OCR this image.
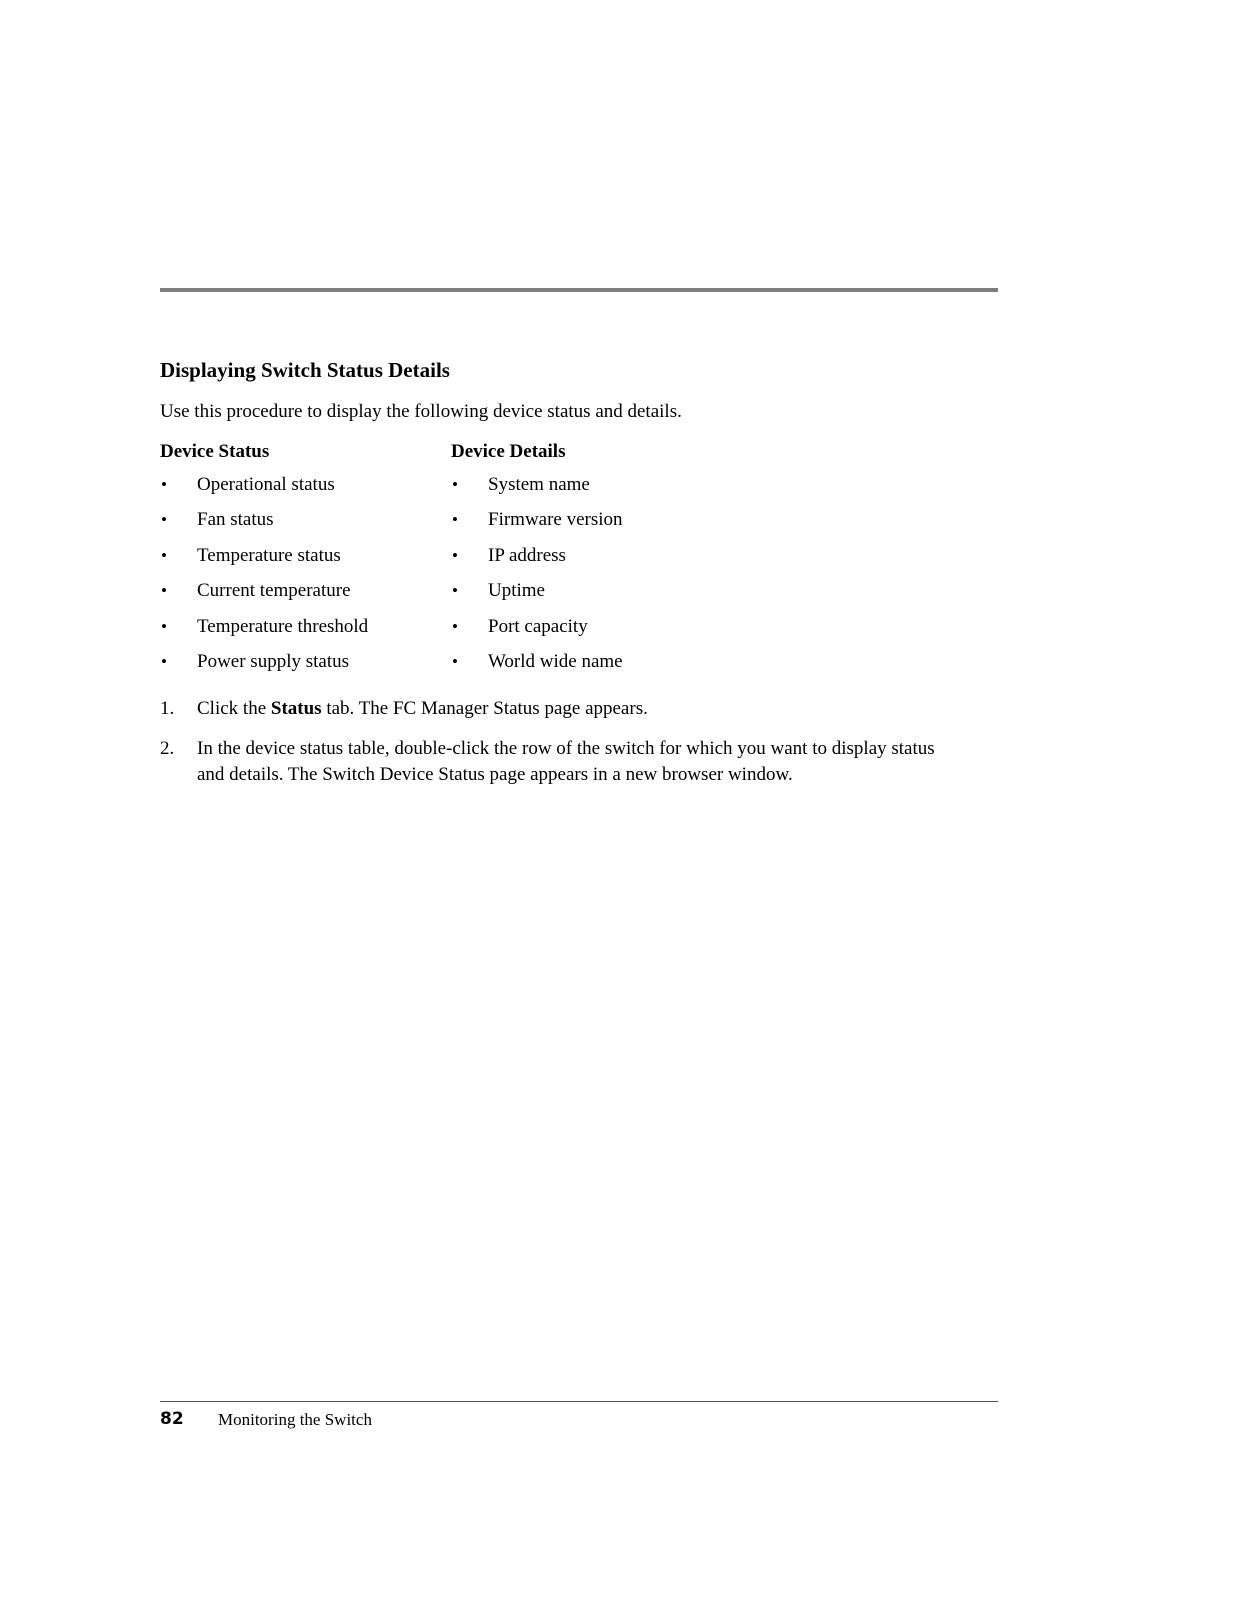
Displaying Switch Status Details

Use this procedure to display the following device status and details.

Device Status	Device Details
• Operational status
• Fan status
• Temperature status
• Current temperature
• Temperature threshold
• Power supply status
• System name
• Firmware version
• IP address
• Uptime
• Port capacity
• World wide name
1. Click the Status tab. The FC Manager Status page appears.
2. In the device status table, double-click the row of the switch for which you want to display status and details. The Switch Device Status page appears in a new browser window.

82 Monitoring the Switch
